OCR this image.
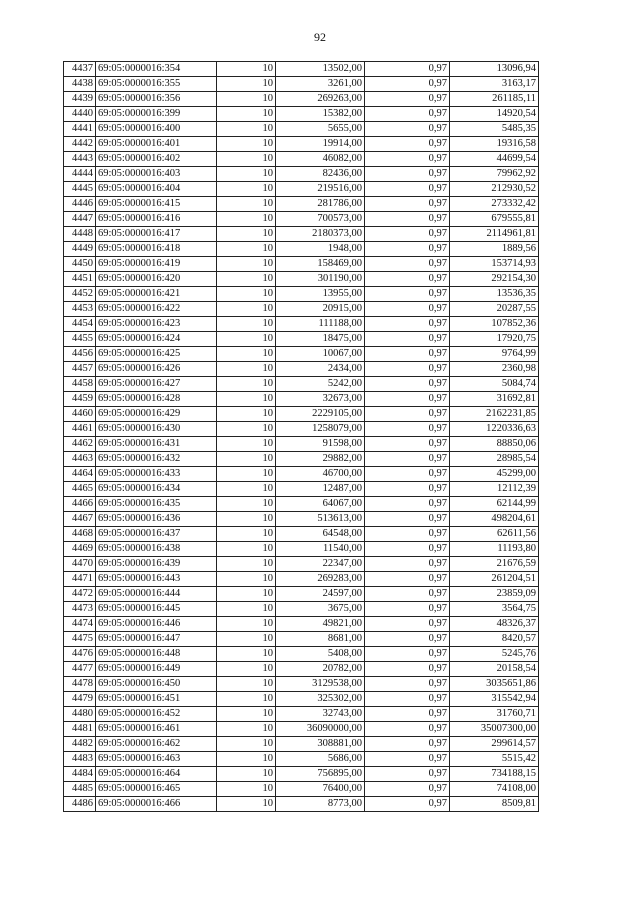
92
4437	69:05:0000016:354	10	13502,00	0,97	13096,94
4438	69:05:0000016:355	10	3261,00	0,97	3163,17
4439	69:05:0000016:356	10	269263,00	0,97	261185,11
4440	69:05:0000016:399	10	15382,00	0,97	14920,54
4441	69:05:0000016:400	10	5655,00	0,97	5485,35
4442	69:05:0000016:401	10	19914,00	0,97	19316,58
4443	69:05:0000016:402	10	46082,00	0,97	44699,54
4444	69:05:0000016:403	10	82436,00	0,97	79962,92
4445	69:05:0000016:404	10	219516,00	0,97	212930,52
4446	69:05:0000016:415	10	281786,00	0,97	273332,42
4447	69:05:0000016:416	10	700573,00	0,97	679555,81
4448	69:05:0000016:417	10	2180373,00	0,97	2114961,81
4449	69:05:0000016:418	10	1948,00	0,97	1889,56
4450	69:05:0000016:419	10	158469,00	0,97	153714,93
4451	69:05:0000016:420	10	301190,00	0,97	292154,30
4452	69:05:0000016:421	10	13955,00	0,97	13536,35
4453	69:05:0000016:422	10	20915,00	0,97	20287,55
4454	69:05:0000016:423	10	111188,00	0,97	107852,36
4455	69:05:0000016:424	10	18475,00	0,97	17920,75
4456	69:05:0000016:425	10	10067,00	0,97	9764,99
4457	69:05:0000016:426	10	2434,00	0,97	2360,98
4458	69:05:0000016:427	10	5242,00	0,97	5084,74
4459	69:05:0000016:428	10	32673,00	0,97	31692,81
4460	69:05:0000016:429	10	2229105,00	0,97	2162231,85
4461	69:05:0000016:430	10	1258079,00	0,97	1220336,63
4462	69:05:0000016:431	10	91598,00	0,97	88850,06
4463	69:05:0000016:432	10	29882,00	0,97	28985,54
4464	69:05:0000016:433	10	46700,00	0,97	45299,00
4465	69:05:0000016:434	10	12487,00	0,97	12112,39
4466	69:05:0000016:435	10	64067,00	0,97	62144,99
4467	69:05:0000016:436	10	513613,00	0,97	498204,61
4468	69:05:0000016:437	10	64548,00	0,97	62611,56
4469	69:05:0000016:438	10	11540,00	0,97	11193,80
4470	69:05:0000016:439	10	22347,00	0,97	21676,59
4471	69:05:0000016:443	10	269283,00	0,97	261204,51
4472	69:05:0000016:444	10	24597,00	0,97	23859,09
4473	69:05:0000016:445	10	3675,00	0,97	3564,75
4474	69:05:0000016:446	10	49821,00	0,97	48326,37
4475	69:05:0000016:447	10	8681,00	0,97	8420,57
4476	69:05:0000016:448	10	5408,00	0,97	5245,76
4477	69:05:0000016:449	10	20782,00	0,97	20158,54
4478	69:05:0000016:450	10	3129538,00	0,97	3035651,86
4479	69:05:0000016:451	10	325302,00	0,97	315542,94
4480	69:05:0000016:452	10	32743,00	0,97	31760,71
4481	69:05:0000016:461	10	36090000,00	0,97	35007300,00
4482	69:05:0000016:462	10	308881,00	0,97	299614,57
4483	69:05:0000016:463	10	5686,00	0,97	5515,42
4484	69:05:0000016:464	10	756895,00	0,97	734188,15
4485	69:05:0000016:465	10	76400,00	0,97	74108,00
4486	69:05:0000016:466	10	8773,00	0,97	8509,81
